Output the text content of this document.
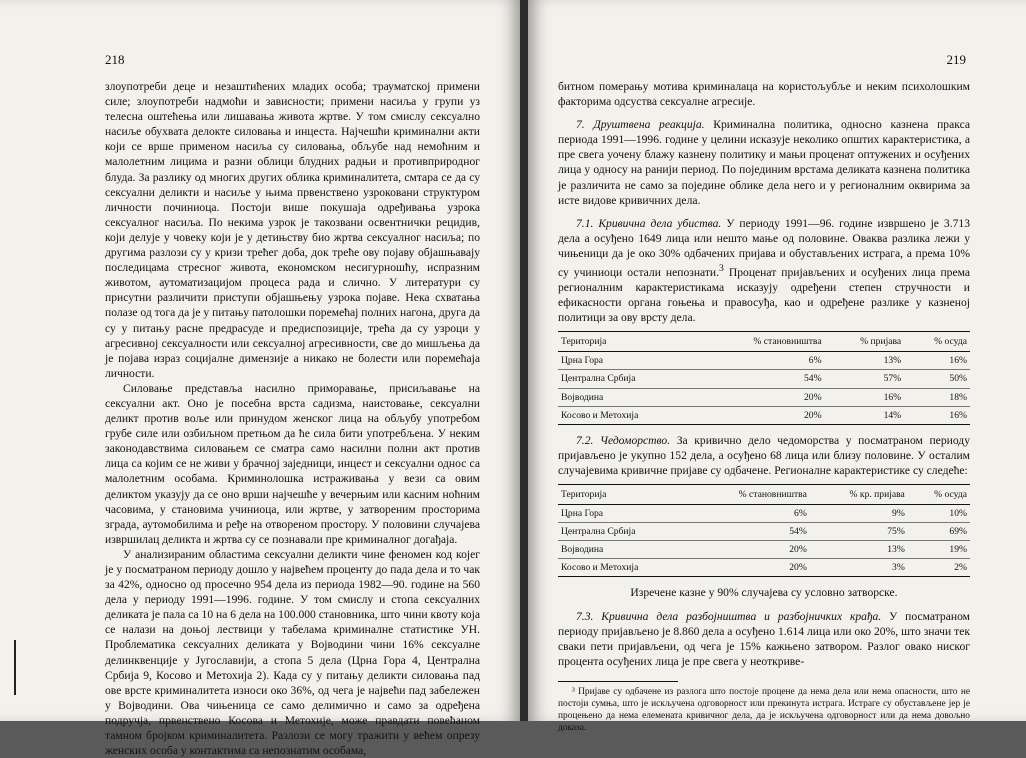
218

злоупотреби деце и незаштићених младих особа; трауматској примени силе; злоупотреби надмоћи и зависности; примени насиља у групи уз телесна оштећења или лишавања живота жртве. У том смислу сексуално насиље обухвата делокте силовања и инцеста. Најчешћи криминални акти који се врше применом насиља су силовања, обљубе над немоћним и малолетним лицима и разни облици блудних радњи и противприродног блуда. За разлику од многих других облика криминалитета, смтара се да су сексуални деликти и насиље у њима првенствено узроковани структуром личности починиоца. Постоји више покушаја одређивања узрока сексуалног насиља. По некима узрок је такозвани освентнички рецидив, који делује у човеку који је у детињству био жртва сексуалног насиља; по другима разлози су у кризи трећег доба, док треће ову појаву објашњавају последицама стресног живота, економском несигурношћу, испразним животом, аутоматизацијом процеса рада и слично. У литератури су присутни различити приступи објашњењу узрока појаве. Нека схватања полазе од тога да је у питању патолошки поремећај полних нагона, друга да су у питању расне предрасуде и предиспозиције, трећа да су узроци у агресивној сексуалности или сексуалној агресивности, све до мишљења да је појава израз социјалне димензије а никако не болести или поремећаја личности.

Силовање представља насилно приморавање, присиљавање на сексуални акт. Оно је посебна врста садизма, наистовање, сексуални деликт против воље или принудом женског лица на обљубу употребом грубе силе или озбиљном претњом да ће сила бити употребљена. У неким законодавствима силовањем се сматра само насилни полни акт против лица са којим се не живи у брачној заједници, инцест и сексуални однос са малолетним особама. Криминолошка истраживања у вези са овим деликтом указују да се оно врши најчешће у вечерњим или касним ноћним часовима, у становима учиниоца, или жртве, у затвореним просторима зграда, аутомобилима и ређе на отвореном простору. У половини случајева извршилац деликта и жртва су се познавали пре криминалног догађаја.

У анализираним областима сексуални деликти чине феномен код којег је у посматраном периоду дошло у највећем проценту до пада дела и то чак за 42%, односно од просечно 954 дела из периода 1982—90. године на 560 дела у периоду 1991—1996. године. У том смислу и стопа сексуалних деликата је пала са 10 на 6 дела на 100.000 становника, што чини квоту која се налази на доњој лествици у табелама криминалне статистике УН. Проблематика сексуалних деликата у Војводини чини 16% сексуалне делинквенције у Југославији, а стопа 5 дела (Црна Гора 4, Централна Србија 9, Косово и Метохија 2). Када су у питању деликти силовања пад ове врсте криминалитета износи око 36%, од чега је највећи пад забележен у Војводини. Ова чињеница се само делимично и само за одређена подручја, првенствено Косова и Метохије, може правдати повећаном тамном бројком криминалитета. Разлози се могу тражити у већем опрезу женских особа у контактима са непознатим особама,

219

битном померању мотива криминалаца на користољубље и неким психолошким факторима одсуства сексуалне агресије.

7. Друштвена реакција. Криминална политика, односно казнена пракса периода 1991—1996. године у целини исказује неколико општих карактеристика, а пре свега уочену блажу казнену политику и мањи проценат оптужених и осуђених лица у односу на ранији период. По појединим врстама деликата казнена политика је различита не само за поједине облике дела него и у регионалним оквирима за исте видове кривичних дела.

7.1. Кривична дела убиства. У периоду 1991—96. године извршено је 3.713 дела а осуђено 1649 лица или нешто мање од половине. Оваква разлика лежи у чињеници да је око 30% одбачених пријава и обустављених истрага, а према 10% су учиниоци остали непознати.$^3$ Проценат пријављених и осуђених лица према регионалним карактеристикама исказују одређени степен стручности и ефикасности органа гоњења и правосуђа, као и одређене разлике у казненој политици за ову врсту дела.

Територија	% становништва	% пријава	% осуда
Црна Гора	6%	13%	16%
Централна Србија	54%	57%	50%
Војводина	20%	16%	18%
Косово и Метохија	20%	14%	16%

7.2. Чедоморство. За кривично дело чедоморства у посматраном периоду пријављено је укупно 152 дела, а осуђено 68 лица или близу половине. У осталим случајевима кривичне пријаве су одбачене. Регионалне карактеристике су следеће:

Територија	% становништва	% кр. пријава	% осуда
Црна Гора	6%	9%	10%
Централна Србија	54%	75%	69%
Војводина	20%	13%	19%
Косово и Метохија	20%	3%	2%

Изречене казне у 90% случајева су условно затворске.

7.3. Кривична дела разбојништва и разбојничких крађа. У посматраном периоду пријављено је 8.860 дела а осуђено 1.614 лица или око 20%, што значи тек сваки пети пријављени, од чега је 15% кажњено затвором. Разлог овако ниског процента осуђених лица је пре свега у неоткриве-

³ Пријаве су одбачене из разлога што постоје процене да нема дела или нема опасности, што не постоји сумња, што је искључена одговорност или прекинута истрага. Истраге су обустављене јер је процењено да нема елемената кривичног дела, да је искључена одговорност или да нема довољно доказа.
